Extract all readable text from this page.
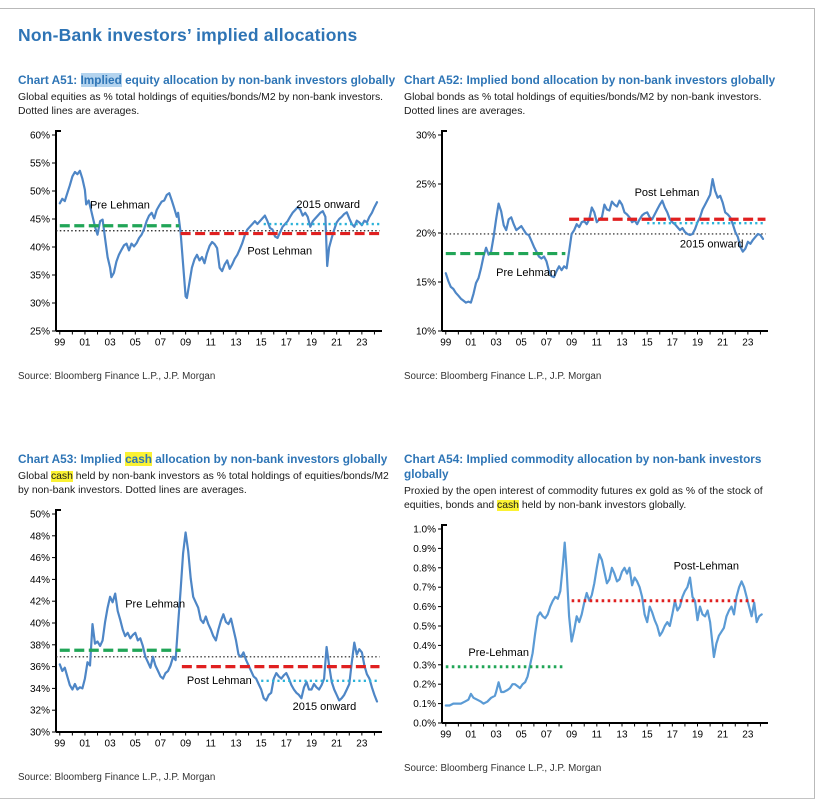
Non-Bank investors’ implied allocations
Chart A51: Implied equity allocation by non-bank investors globally

Global equities as % total holdings of equities/bonds/M2 by non-bank investors. Dotted lines are averages.

25%
30%
35%
40%
45%
50%
55%
60%
99 01 03 05 07 09 11 13 15 17 19 21 23
Pre Lehman
Post Lehman
2015 onward

Source: Bloomberg Finance L.P., J.P. Morgan

Chart A52: Implied bond allocation by non-bank investors globally

Global bonds as % total holdings of equities/bonds/M2 by non-bank investors. Dotted lines are averages.

10%
15%
20%
25%
30%
99 01 03 05 07 09 11 13 15 17 19 21 23
Pre Lehman
Post Lehman
2015 onward

Source: Bloomberg Finance L.P., J.P. Morgan

Chart A53: Implied cash allocation by non-bank investors globally

Global cash held by non-bank investors as % total holdings of equities/bonds/M2 by non-bank investors. Dotted lines are averages.

30%
32%
34%
36%
38%
40%
42%
44%
46%
48%
50%
99 01 03 05 07 09 11 13 15 17 19 21 23
Pre Lehman
Post Lehman
2015 onward

Source: Bloomberg Finance L.P., J.P. Morgan

Chart A54: Implied commodity allocation by non-bank investors globally

Proxied by the open interest of commodity futures ex gold as % of the stock of equities, bonds and cash held by non-bank investors globally.

0.0%
0.1%
0.2%
0.3%
0.4%
0.5%
0.6%
0.7%
0.8%
0.9%
1.0%
99 01 03 05 07 09 11 13 15 17 19 21 23
Pre-Lehman
Post-Lehman

Source: Bloomberg Finance L.P., J.P. Morgan
